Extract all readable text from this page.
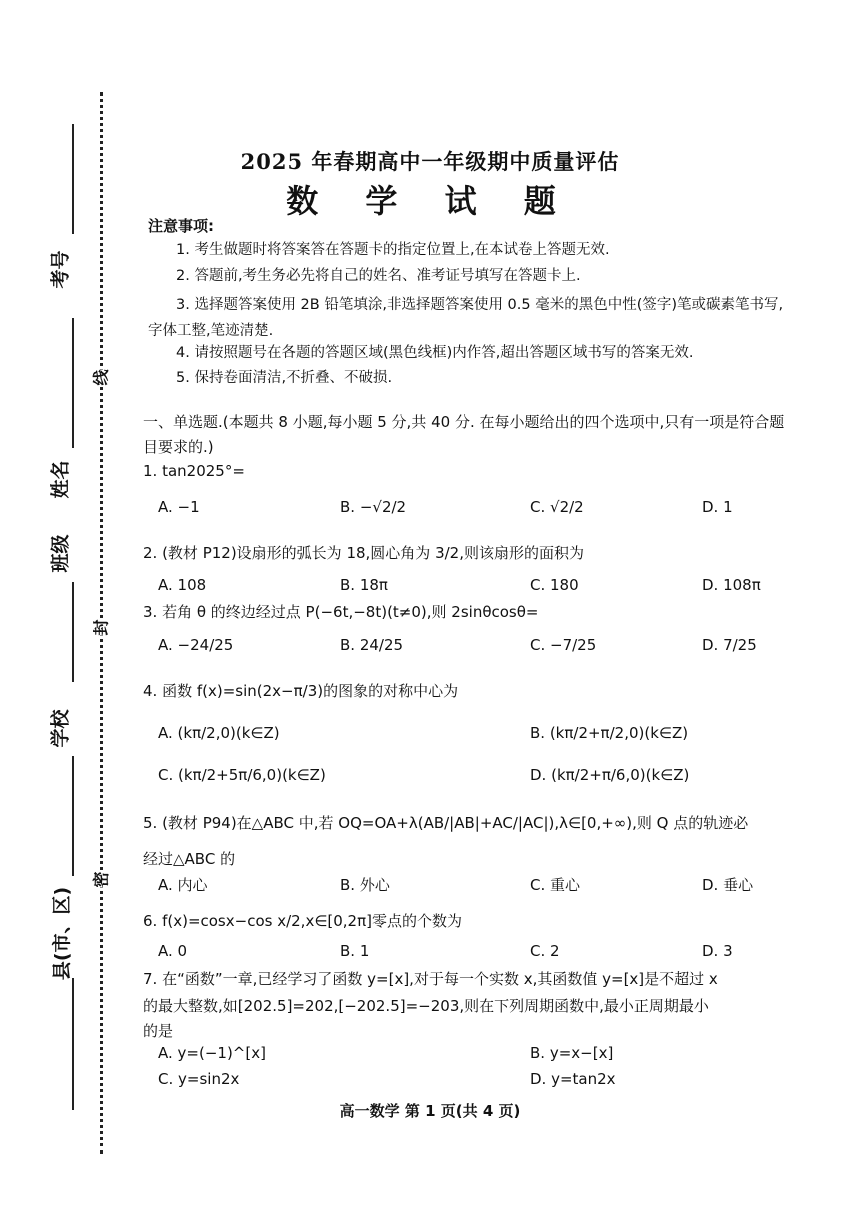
考号
姓名
班级
学校
县(市、区)
线
封
密
2025 年春期高中一年级期中质量评估
数 学 试 题
注意事项:
1. 考生做题时将答案答在答题卡的指定位置上,在本试卷上答题无效.
2. 答题前,考生务必先将自己的姓名、准考证号填写在答题卡上.
3. 选择题答案使用 2B 铅笔填涂,非选择题答案使用 0.5 毫米的黑色中性(签字)笔或碳素笔书写,字体工整,笔迹清楚.
4. 请按照题号在各题的答题区域(黑色线框)内作答,超出答题区域书写的答案无效.
5. 保持卷面清洁,不折叠、不破损.
一、单选题.(本题共 8 小题,每小题 5 分,共 40 分. 在每小题给出的四个选项中,只有一项是符合题目要求的.)
1. tan2025°=
A. −1	B. −√2/2	C. √2/2	D. 1
2. (教材 P12)设扇形的弧长为 18,圆心角为 3/2,则该扇形的面积为
A. 108	B. 18π	C. 180	D. 108π
3. 若角 θ 的终边经过点 P(−6t,−8t)(t≠0),则 2sinθcosθ=
A. −24/25	B. 24/25	C. −7/25	D. 7/25
4. 函数 f(x)=sin(2x−π/3)的图象的对称中心为
A. (kπ/2,0)(k∈Z)	B. (kπ/2+π/2,0)(k∈Z)
C. (kπ/2+5π/6,0)(k∈Z)	D. (kπ/2+π/6,0)(k∈Z)
5. (教材 P94)在△ABC 中,若 OQ=OA+λ(AB/|AB|+AC/|AC|),λ∈[0,+∞),则 Q 点的轨迹必
经过△ABC 的
A. 内心	B. 外心	C. 重心	D. 垂心
6. f(x)=cosx−cos x/2,x∈[0,2π]零点的个数为
A. 0	B. 1	C. 2	D. 3
7. 在“函数”一章,已经学习了函数 y=[x],对于每一个实数 x,其函数值 y=[x]是不超过 x
的最大整数,如[202.5]=202,[−202.5]=−203,则在下列周期函数中,最小正周期最小
的是
A. y=(−1)^[x]	B. y=x−[x]
C. y=sin2x	D. y=tan2x
高一数学 第 1 页(共 4 页)
